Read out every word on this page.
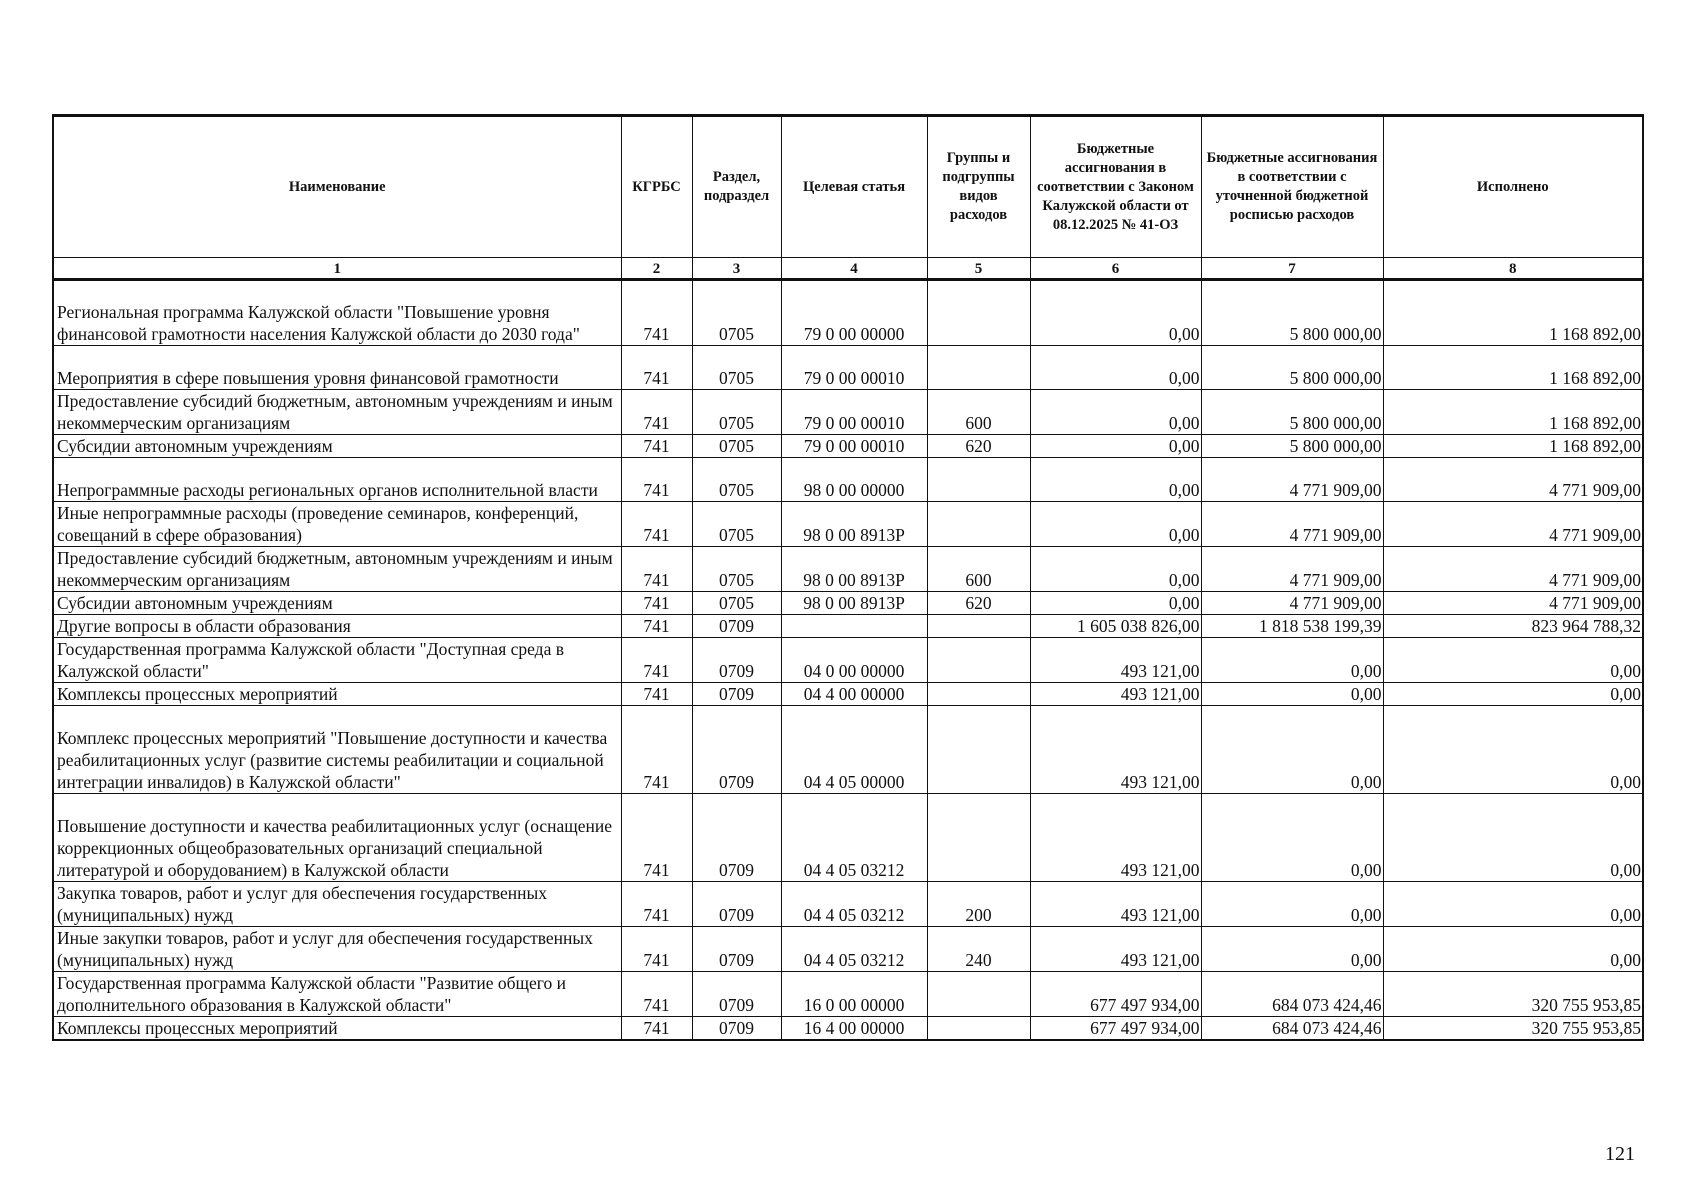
Наименование	КГРБС	Раздел, подраздел	Целевая статья	Группы и подгруппы видов расходов	Бюджетные ассигнования в соответствии с Законом Калужской области от 08.12.2025 № 41-ОЗ	Бюджетные ассигнования в соответствии с уточненной бюджетной росписью расходов	Исполнено
1	2	3	4	5	6	7	8
Региональная программа Калужской области "Повышение уровня финансовой грамотности населения Калужской области до 2030 года"	741	0705	79 0 00 00000		0,00	5 800 000,00	1 168 892,00
Мероприятия в сфере повышения уровня финансовой грамотности	741	0705	79 0 00 00010		0,00	5 800 000,00	1 168 892,00
Предоставление субсидий бюджетным, автономным учреждениям и иным некоммерческим организациям	741	0705	79 0 00 00010	600	0,00	5 800 000,00	1 168 892,00
Субсидии автономным учреждениям	741	0705	79 0 00 00010	620	0,00	5 800 000,00	1 168 892,00
Непрограммные расходы региональных органов исполнительной власти	741	0705	98 0 00 00000		0,00	4 771 909,00	4 771 909,00
Иные непрограммные расходы (проведение семинаров, конференций, совещаний в сфере образования)	741	0705	98 0 00 8913Р		0,00	4 771 909,00	4 771 909,00
Предоставление субсидий бюджетным, автономным учреждениям и иным некоммерческим организациям	741	0705	98 0 00 8913Р	600	0,00	4 771 909,00	4 771 909,00
Субсидии автономным учреждениям	741	0705	98 0 00 8913Р	620	0,00	4 771 909,00	4 771 909,00
Другие вопросы в области образования	741	0709			1 605 038 826,00	1 818 538 199,39	823 964 788,32
Государственная программа Калужской области "Доступная среда в Калужской области"	741	0709	04 0 00 00000		493 121,00	0,00	0,00
Комплексы процессных мероприятий	741	0709	04 4 00 00000		493 121,00	0,00	0,00
Комплекс процессных мероприятий "Повышение доступности и качества реабилитационных услуг (развитие системы реабилитации и социальной интеграции инвалидов) в Калужской области"	741	0709	04 4 05 00000		493 121,00	0,00	0,00
Повышение доступности и качества реабилитационных услуг (оснащение коррекционных общеобразовательных организаций специальной литературой и оборудованием) в Калужской области	741	0709	04 4 05 03212		493 121,00	0,00	0,00
Закупка товаров, работ и услуг для обеспечения государственных (муниципальных) нужд	741	0709	04 4 05 03212	200	493 121,00	0,00	0,00
Иные закупки товаров, работ и услуг для обеспечения государственных (муниципальных) нужд	741	0709	04 4 05 03212	240	493 121,00	0,00	0,00
Государственная программа Калужской области "Развитие общего и дополнительного образования в Калужской области"	741	0709	16 0 00 00000		677 497 934,00	684 073 424,46	320 755 953,85
Комплексы процессных мероприятий	741	0709	16 4 00 00000		677 497 934,00	684 073 424,46	320 755 953,85
121
